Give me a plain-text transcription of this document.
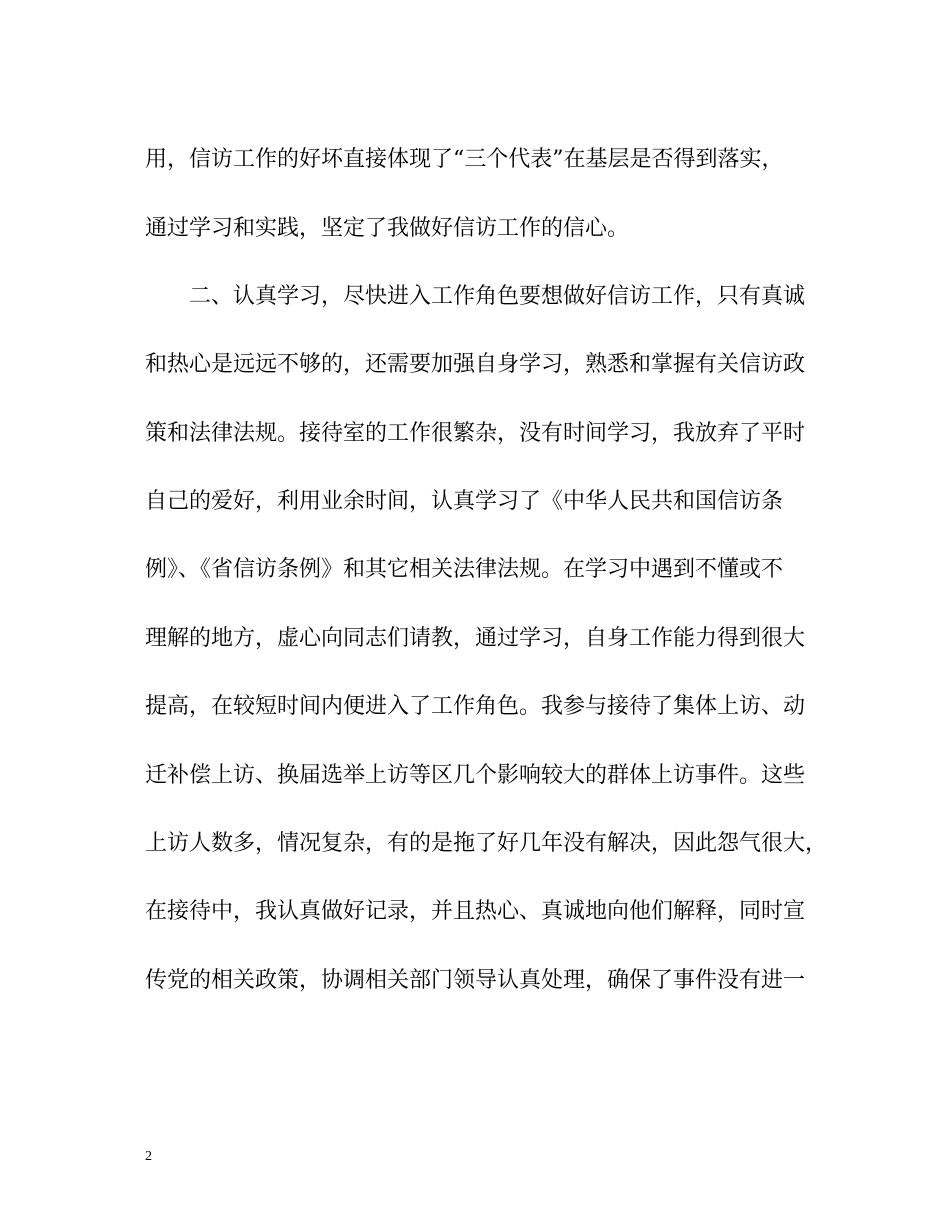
用，信访工作的好坏直接体现了“三个代表”在基层是否得到落实，
通过学习和实践，坚定了我做好信访工作的信心。
二、认真学习，尽快进入工作角色要想做好信访工作，只有真诚
和热心是远远不够的，还需要加强自身学习，熟悉和掌握有关信访政
策和法律法规。接待室的工作很繁杂，没有时间学习，我放弃了平时
自己的爱好，利用业余时间，认真学习了《中华人民共和国信访条
例》、《省信访条例》和其它相关法律法规。在学习中遇到不懂或不
理解的地方，虚心向同志们请教，通过学习，自身工作能力得到很大
提高，在较短时间内便进入了工作角色。我参与接待了集体上访、动
迁补偿上访、换届选举上访等区几个影响较大的群体上访事件。这些
上访人数多，情况复杂，有的是拖了好几年没有解决，因此怨气很大，
在接待中，我认真做好记录，并且热心、真诚地向他们解释，同时宣
传党的相关政策，协调相关部门领导认真处理，确保了事件没有进一
2
